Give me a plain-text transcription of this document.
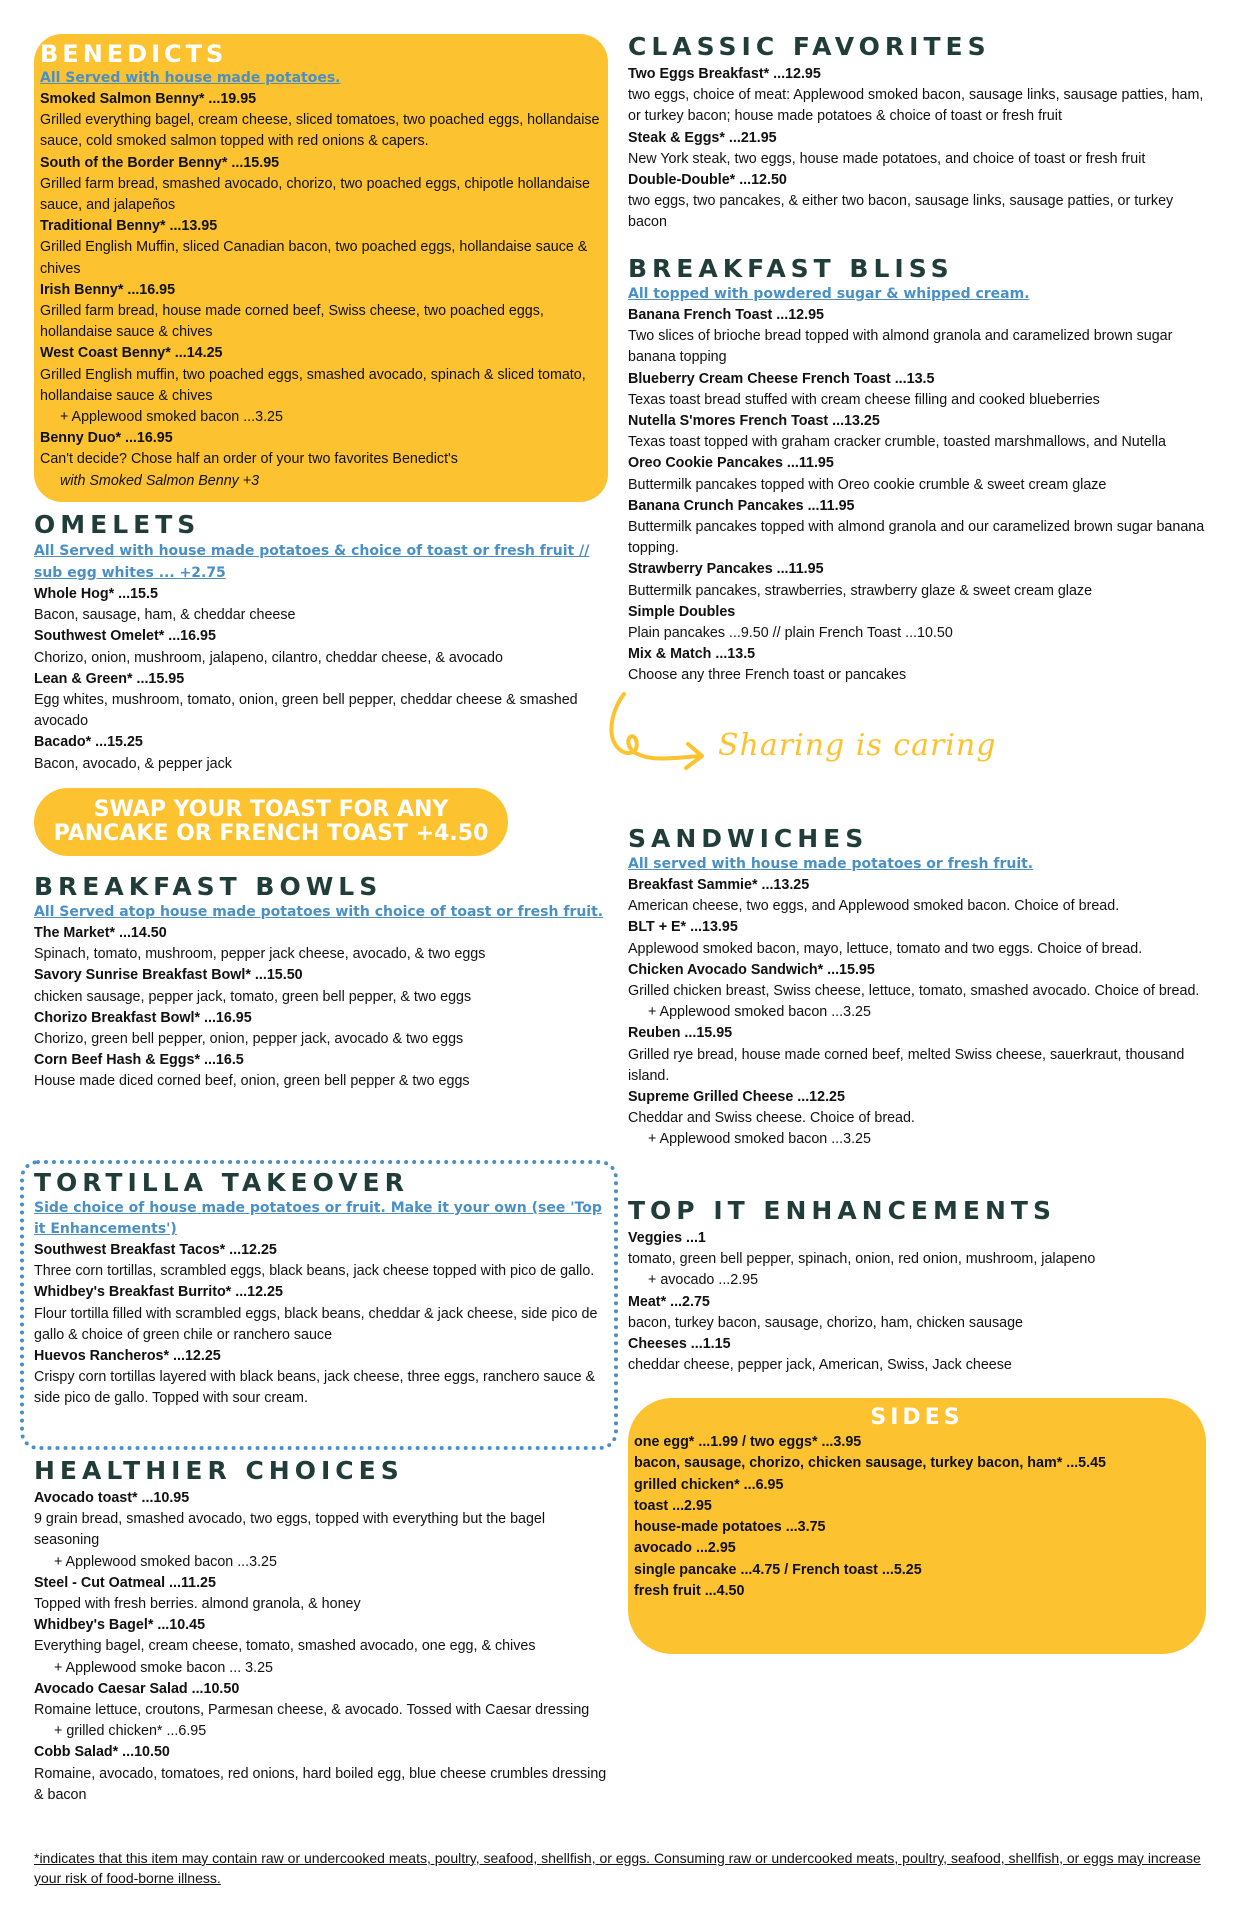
BENEDICTS
All Served with house made potatoes.
Smoked Salmon Benny* ...19.95
Grilled everything bagel, cream cheese, sliced tomatoes, two poached eggs, hollandaise sauce, cold smoked salmon topped with red onions & capers.
South of the Border Benny* ...15.95
Grilled farm bread, smashed avocado, chorizo, two poached eggs, chipotle hollandaise sauce, and jalapeños
Traditional Benny* ...13.95
Grilled English Muffin, sliced Canadian bacon, two poached eggs, hollandaise sauce & chives
Irish Benny* ...16.95
Grilled farm bread, house made corned beef, Swiss cheese, two poached eggs, hollandaise sauce & chives
West Coast Benny* ...14.25
Grilled English muffin, two poached eggs, smashed avocado, spinach & sliced tomato, hollandaise sauce & chives
+ Applewood smoked bacon ...3.25
Benny Duo* ...16.95
Can't decide? Chose half an order of your two favorites Benedict's
with Smoked Salmon Benny +3
OMELETS
All Served with house made potatoes & choice of toast or fresh fruit // sub egg whites ... +2.75
Whole Hog* ...15.5
Bacon, sausage, ham, & cheddar cheese
Southwest Omelet* ...16.95
Chorizo, onion, mushroom, jalapeno, cilantro, cheddar cheese, & avocado
Lean & Green* ...15.95
Egg whites, mushroom, tomato, onion, green bell pepper, cheddar cheese & smashed avocado
Bacado* ...15.25
Bacon, avocado, & pepper jack
SWAP YOUR TOAST FOR ANY
PANCAKE OR FRENCH TOAST +4.50
BREAKFAST BOWLS
All Served atop house made potatoes with choice of toast or fresh fruit.
The Market* ...14.50
Spinach, tomato, mushroom, pepper jack cheese, avocado, & two eggs
Savory Sunrise Breakfast Bowl* ...15.50
chicken sausage, pepper jack, tomato, green bell pepper, & two eggs
Chorizo Breakfast Bowl* ...16.95
Chorizo, green bell pepper, onion, pepper jack, avocado & two eggs
Corn Beef Hash & Eggs* ...16.5
House made diced corned beef, onion, green bell pepper & two eggs
TORTILLA TAKEOVER
Side choice of house made potatoes or fruit. Make it your own (see 'Top it Enhancements')
Southwest Breakfast Tacos* ...12.25
Three corn tortillas, scrambled eggs, black beans, jack cheese topped with pico de gallo.
Whidbey's Breakfast Burrito* ...12.25
Flour tortilla filled with scrambled eggs, black beans, cheddar & jack cheese, side pico de gallo & choice of green chile or ranchero sauce
Huevos Rancheros* ...12.25
Crispy corn tortillas layered with black beans, jack cheese, three eggs, ranchero sauce & side pico de gallo. Topped with sour cream.
HEALTHIER CHOICES
Avocado toast* ...10.95
9 grain bread, smashed avocado, two eggs, topped with everything but the bagel seasoning
+ Applewood smoked bacon ...3.25
Steel - Cut Oatmeal ...11.25
Topped with fresh berries. almond granola, & honey
Whidbey's Bagel* ...10.45
Everything bagel, cream cheese, tomato, smashed avocado, one egg, & chives
+ Applewood smoke bacon ... 3.25
Avocado Caesar Salad ...10.50
Romaine lettuce, croutons, Parmesan cheese, & avocado. Tossed with Caesar dressing
+ grilled chicken* ...6.95
Cobb Salad* ...10.50
Romaine, avocado, tomatoes, red onions, hard boiled egg, blue cheese crumbles dressing & bacon
CLASSIC FAVORITES
Two Eggs Breakfast* ...12.95
two eggs, choice of meat: Applewood smoked bacon, sausage links, sausage patties, ham, or turkey bacon; house made potatoes & choice of toast or fresh fruit
Steak & Eggs* ...21.95
New York steak, two eggs, house made potatoes, and choice of toast or fresh fruit
Double-Double* ...12.50
two eggs, two pancakes, & either two bacon, sausage links, sausage patties, or turkey bacon
BREAKFAST BLISS
All topped with powdered sugar & whipped cream.
Banana French Toast ...12.95
Two slices of brioche bread topped with almond granola and caramelized brown sugar banana topping
Blueberry Cream Cheese French Toast ...13.5
Texas toast bread stuffed with cream cheese filling and cooked blueberries
Nutella S'mores French Toast ...13.25
Texas toast topped with graham cracker crumble, toasted marshmallows, and Nutella
Oreo Cookie Pancakes ...11.95
Buttermilk pancakes topped with Oreo cookie crumble & sweet cream glaze
Banana Crunch Pancakes ...11.95
Buttermilk pancakes topped with almond granola and our caramelized brown sugar banana topping.
Strawberry Pancakes ...11.95
Buttermilk pancakes, strawberries, strawberry glaze & sweet cream glaze
Simple Doubles
Plain pancakes ...9.50 // plain French Toast ...10.50
Mix & Match ...13.5
Choose any three French toast or pancakes
Sharing is caring
SANDWICHES
All served with house made potatoes or fresh fruit.
Breakfast Sammie* ...13.25
American cheese, two eggs, and Applewood smoked bacon. Choice of bread.
BLT + E* ...13.95
Applewood smoked bacon, mayo, lettuce, tomato and two eggs. Choice of bread.
Chicken Avocado Sandwich* ...15.95
Grilled chicken breast, Swiss cheese, lettuce, tomato, smashed avocado. Choice of bread.
+ Applewood smoked bacon ...3.25
Reuben ...15.95
Grilled rye bread, house made corned beef, melted Swiss cheese, sauerkraut, thousand island.
Supreme Grilled Cheese ...12.25
Cheddar and Swiss cheese. Choice of bread.
+ Applewood smoked bacon ...3.25
TOP IT ENHANCEMENTS
Veggies ...1
tomato, green bell pepper, spinach, onion, red onion, mushroom, jalapeno
+ avocado ...2.95
Meat* ...2.75
bacon, turkey bacon, sausage, chorizo, ham, chicken sausage
Cheeses ...1.15
cheddar cheese, pepper jack, American, Swiss, Jack cheese
SIDES
one egg* ...1.99 / two eggs* ...3.95
bacon, sausage, chorizo, chicken sausage, turkey bacon, ham* ...5.45
grilled chicken* ...6.95
toast ...2.95
house-made potatoes ...3.75
avocado ...2.95
single pancake ...4.75 / French toast ...5.25
fresh fruit ...4.50
*indicates that this item may contain raw or undercooked meats, poultry, seafood, shellfish, or eggs. Consuming raw or undercooked meats, poultry, seafood, shellfish, or eggs may increase your risk of food-borne illness.
